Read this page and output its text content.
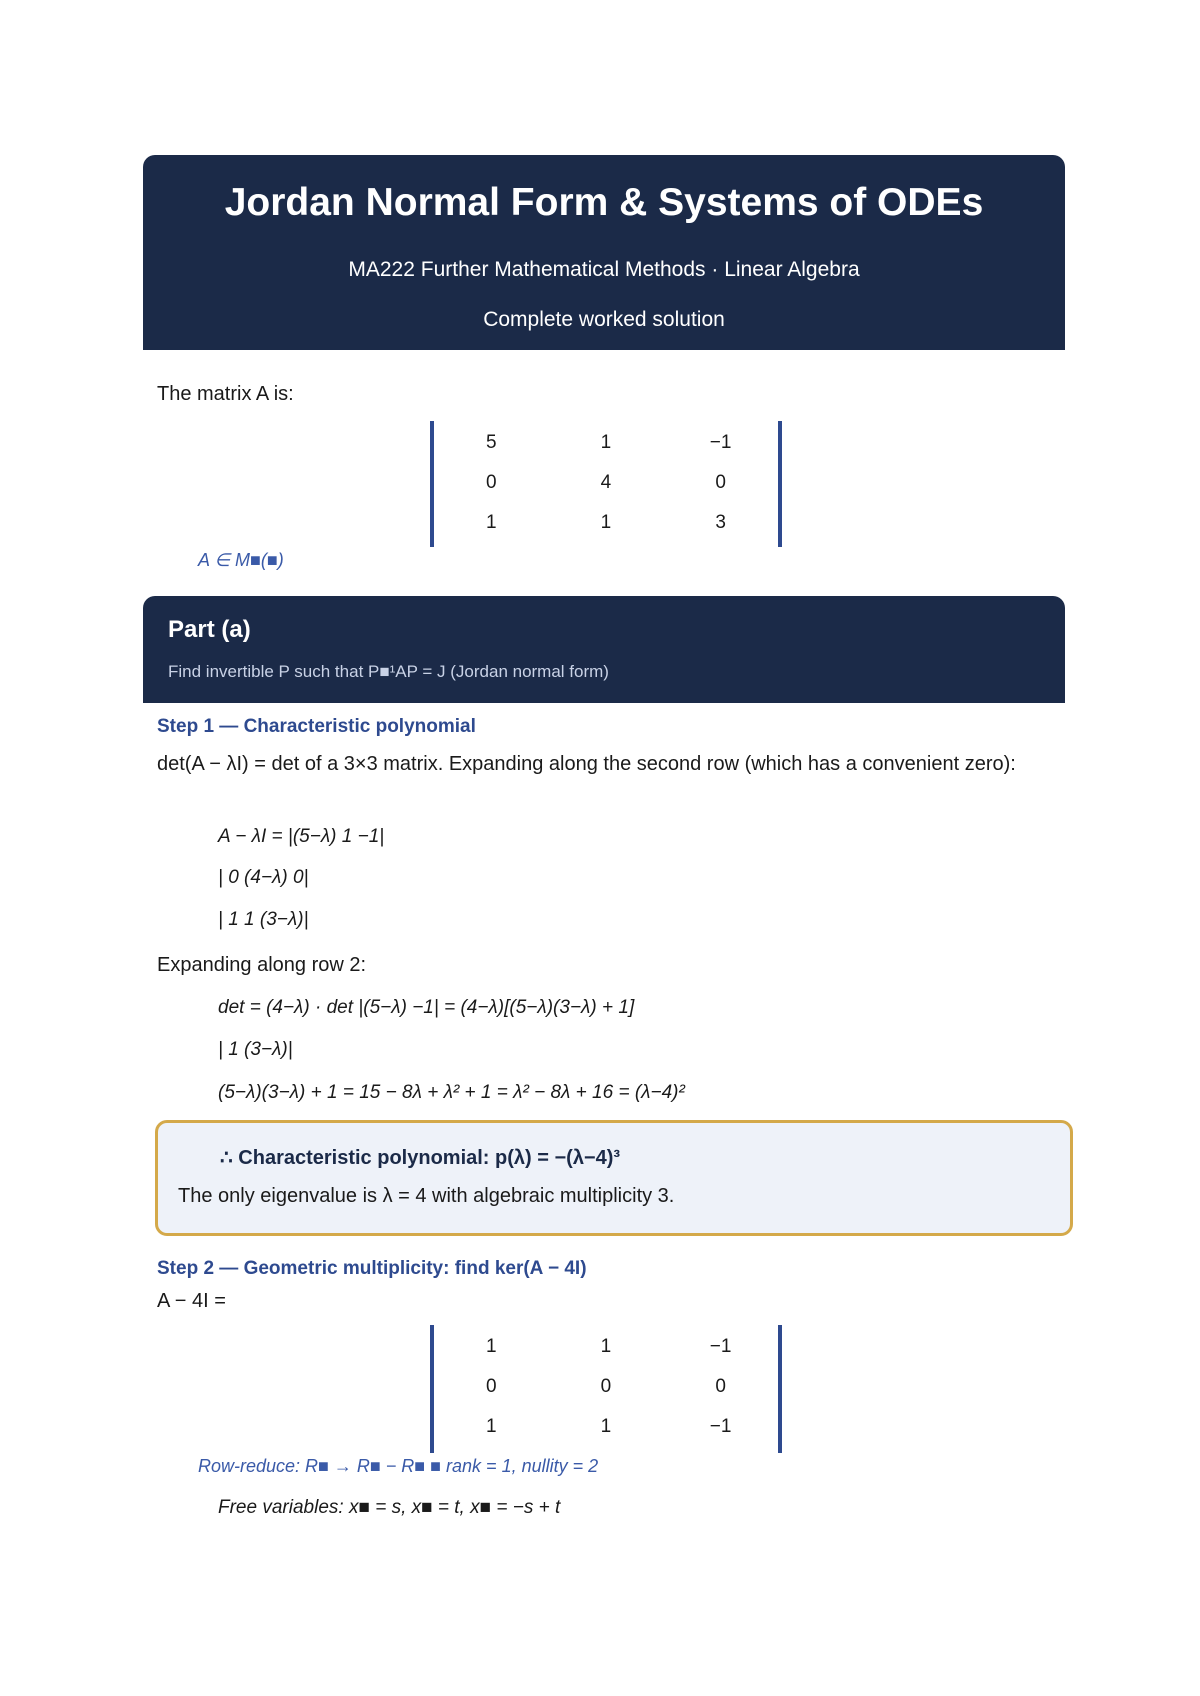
Jordan Normal Form & Systems of ODEs
MA222 Further Mathematical Methods · Linear Algebra
Complete worked solution
The matrix A is:
5	1	−1
0	4	0
1	1	3
A ∈ M■(■)
Part (a)
Find invertible P such that P■¹AP = J (Jordan normal form)
Step 1 — Characteristic polynomial
det(A − λI) = det of a 3×3 matrix. Expanding along the second row (which has a convenient zero):
A − λI = |(5−λ) 1 −1|
| 0 (4−λ) 0|
| 1 1 (3−λ)|
Expanding along row 2:
det = (4−λ) · det |(5−λ) −1| = (4−λ)[(5−λ)(3−λ) + 1]
| 1 (3−λ)|
(5−λ)(3−λ) + 1 = 15 − 8λ + λ² + 1 = λ² − 8λ + 16 = (λ−4)²
∴ Characteristic polynomial: p(λ) = −(λ−4)³
The only eigenvalue is λ = 4 with algebraic multiplicity 3.
Step 2 — Geometric multiplicity: find ker(A − 4I)
A − 4I =
1	1	−1
0	0	0
1	1	−1
Row-reduce: R■ → R■ − R■ ■ rank = 1, nullity = 2
Free variables: x■ = s, x■ = t, x■ = −s + t
